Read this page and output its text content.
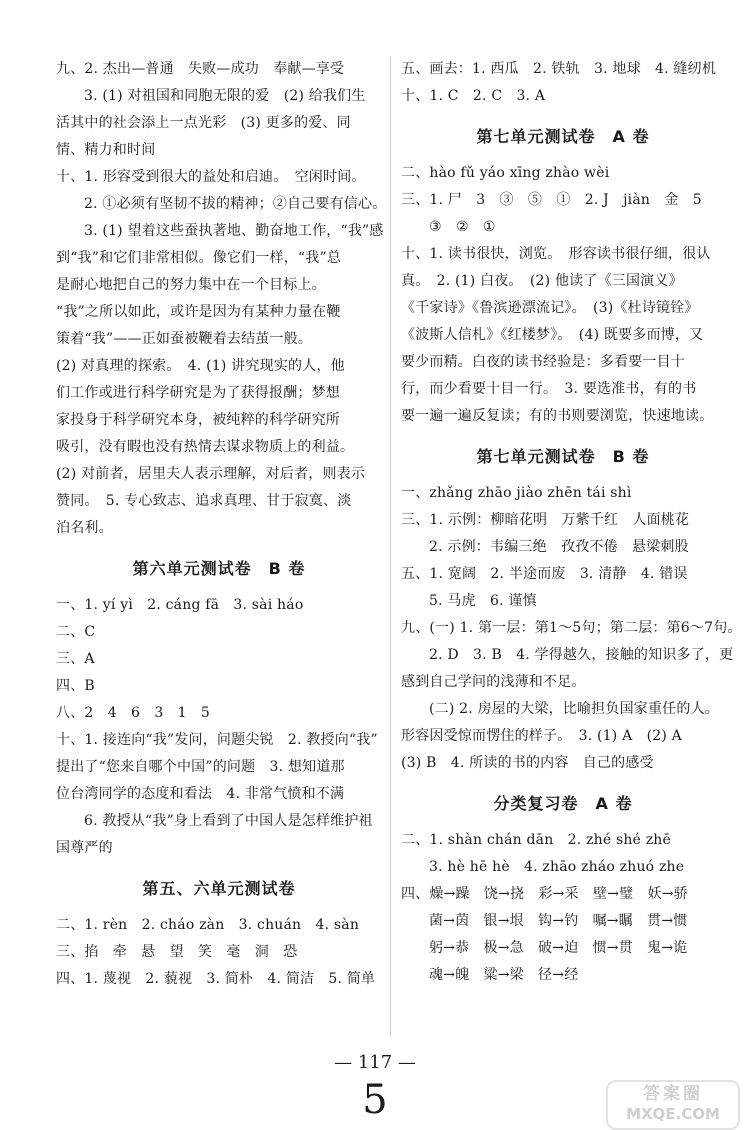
九、2. 杰出—普通　失败—成功　奉献—享受

3. (1) 对祖国和同胞无限的爱　(2) 给我们生

活其中的社会添上一点光彩　(3) 更多的爱、同

情、精力和时间

十、1. 形容受到很大的益处和启迪。　空闲时间。

2. ①必须有坚韧不拔的精神；②自己要有信心。

3. (1) 望着这些蚕执著地、勤奋地工作，“我”感

到“我”和它们非常相似。像它们一样，“我”总

是耐心地把自己的努力集中在一个目标上。

“我”之所以如此，或许是因为有某种力量在鞭

策着“我”——正如蚕被鞭着去结茧一般。

(2) 对真理的探索。　4. (1) 讲究现实的人，他

们工作或进行科学研究是为了获得报酬；梦想

家投身于科学研究本身，被纯粹的科学研究所

吸引，没有暇也没有热情去谋求物质上的利益。

(2) 对前者，居里夫人表示理解，对后者，则表示

赞同。　5. 专心致志、追求真理、甘于寂寞、淡

泊名利。

第六单元测试卷　B 卷

一、1. yí yì　2. cáng fā　3. sài háo

二、C

三、A

四、B

八、2　4　6　3　1　5

十、1. 接连向“我”发问，问题尖锐　2. 教授向“我”

提出了“您来自哪个中国”的问题　3. 想知道那

位台湾同学的态度和看法　4. 非常气愤和不满

6. 教授从“我”身上看到了中国人是怎样维护祖

国尊严的

第五、六单元测试卷

二、1. rèn　2. cháo zàn　3. chuán　4. sàn

三、掐　牵　悬　望　笑　毫　洞　恐

四、1. 蔑视　2. 藐视　3. 简朴　4. 简洁　5. 简单

五、画去：1. 西瓜　2. 铁轨　3. 地球　4. 缝纫机

十、1. C　2. C　3. A

第七单元测试卷　A 卷

二、hào fǔ yáo xīng zhào wèi

三、1. 尸　3　③　⑤　①　2. J　jiàn　金　5

③　②　①

十、1. 读书很快，浏览。　形容读书很仔细，很认

真。　2. (1) 白夜。　(2) 他读了《三国演义》

《千家诗》《鲁滨逊漂流记》。　(3)《杜诗镜铨》

《波斯人信札》《红楼梦》。　(4) 既要多而博，又

要少而精。白夜的读书经验是：多看要一目十

行，而少看要十目一行。　3. 要选准书，有的书

要一遍一遍反复读；有的书则要浏览，快速地读。

第七单元测试卷　B 卷

一、zhǎng zhāo jiào zhēn tái shì

三、1. 示例：柳暗花明　万紫千红　人面桃花

2. 示例：韦编三绝　孜孜不倦　悬梁刺股

五、1. 宽阔　2. 半途而废　3. 清静　4. 错误

5. 马虎　6. 谨慎

九、(一) 1. 第一层：第1～5句；第二层：第6～7句。

2. D　3. B　4. 学得越久，接触的知识多了，更

感到自己学问的浅薄和不足。

(二) 2. 房屋的大梁，比喻担负国家重任的人。

形容因受惊而愣住的样子。　3. (1) A　(2) A

(3) B　4. 所读的书的内容　自己的感受

分类复习卷　A 卷

二、1. shàn chán dān　2. zhé shé zhē

3. hè hē hè　4. zhāo zháo zhuó zhe

四、燥→躁　饶→挠　彩→采　壁→璧　妖→骄

菌→茵　银→垠　钩→钓　嘱→瞩　贯→惯

躬→恭　极→急　破→迫　惯→贯　鬼→诡

魂→魄　粱→梁　径→经

— 117 —
5	答案圈
MXQE.COM
